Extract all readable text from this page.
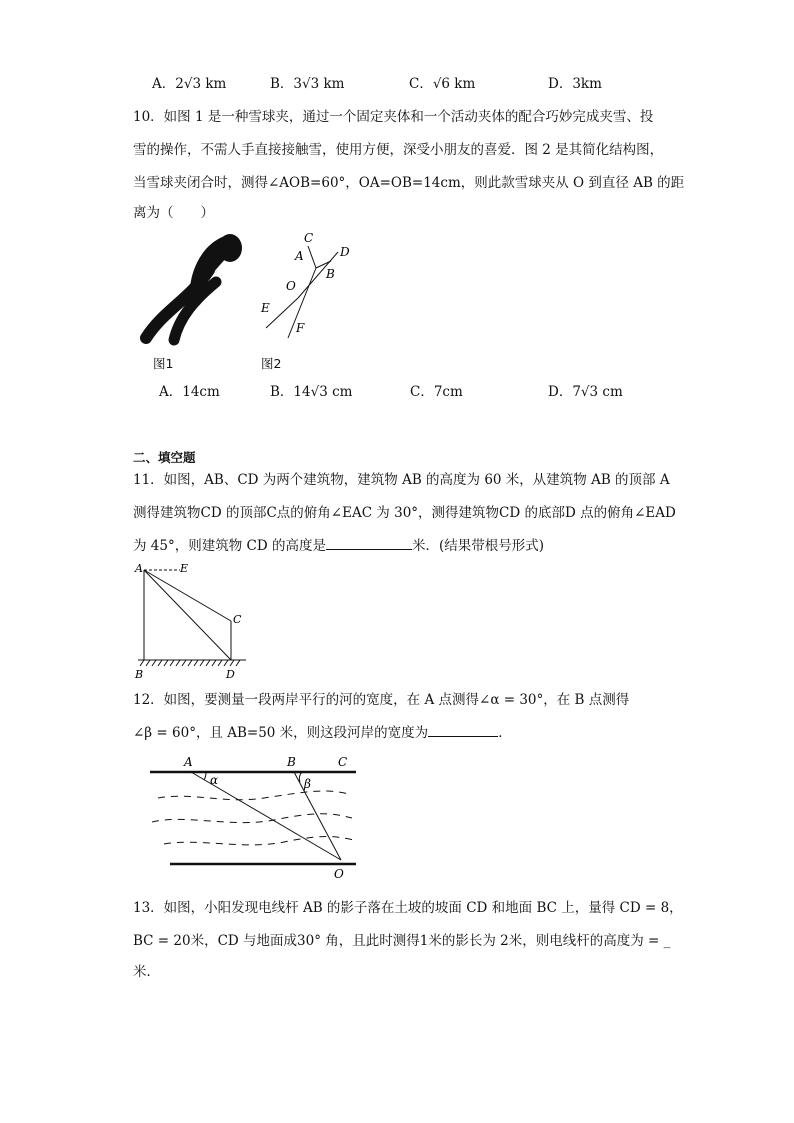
A．2√3 km	B．3√3 km	C．√6 km	D．3km
10．如图 1 是一种雪球夹，通过一个固定夹体和一个活动夹体的配合巧妙完成夹雪、投
雪的操作，不需人手直接接触雪，使用方便，深受小朋友的喜爱．图 2 是其简化结构图，
当雪球夹闭合时，测得∠AOB=60°，OA=OB=14cm，则此款雪球夹从 O 到直径 AB 的距
离为（　　）
图1
C
A	D
B
O
E
F
图2
A．14cm	B．14√3 cm	C．7cm	D．7√3 cm
二、填空题
11．如图，AB、CD 为两个建筑物，建筑物 AB 的高度为 60 米，从建筑物 AB 的顶部 A
测得建筑物CD 的顶部C点的俯角∠EAC 为 30°，测得建筑物CD 的底部D 点的俯角∠EAD
为 45°，则建筑物 CD 的高度是	米．(结果带根号形式)
A	E
C
B	D
12．如图，要测量一段两岸平行的河的宽度，在 A 点测得∠α = 30°，在 B 点测得
∠β = 60°，且 AB=50 米，则这段河岸的宽度为	．
A	B	C
α	β
O
13．如图，小阳发现电线杆 AB 的影子落在土坡的坡面 CD 和地面 BC 上，量得 CD = 8，
BC = 20米，CD 与地面成30° 角，且此时测得1米的影长为 2米，则电线杆的高度为 = _
米．
